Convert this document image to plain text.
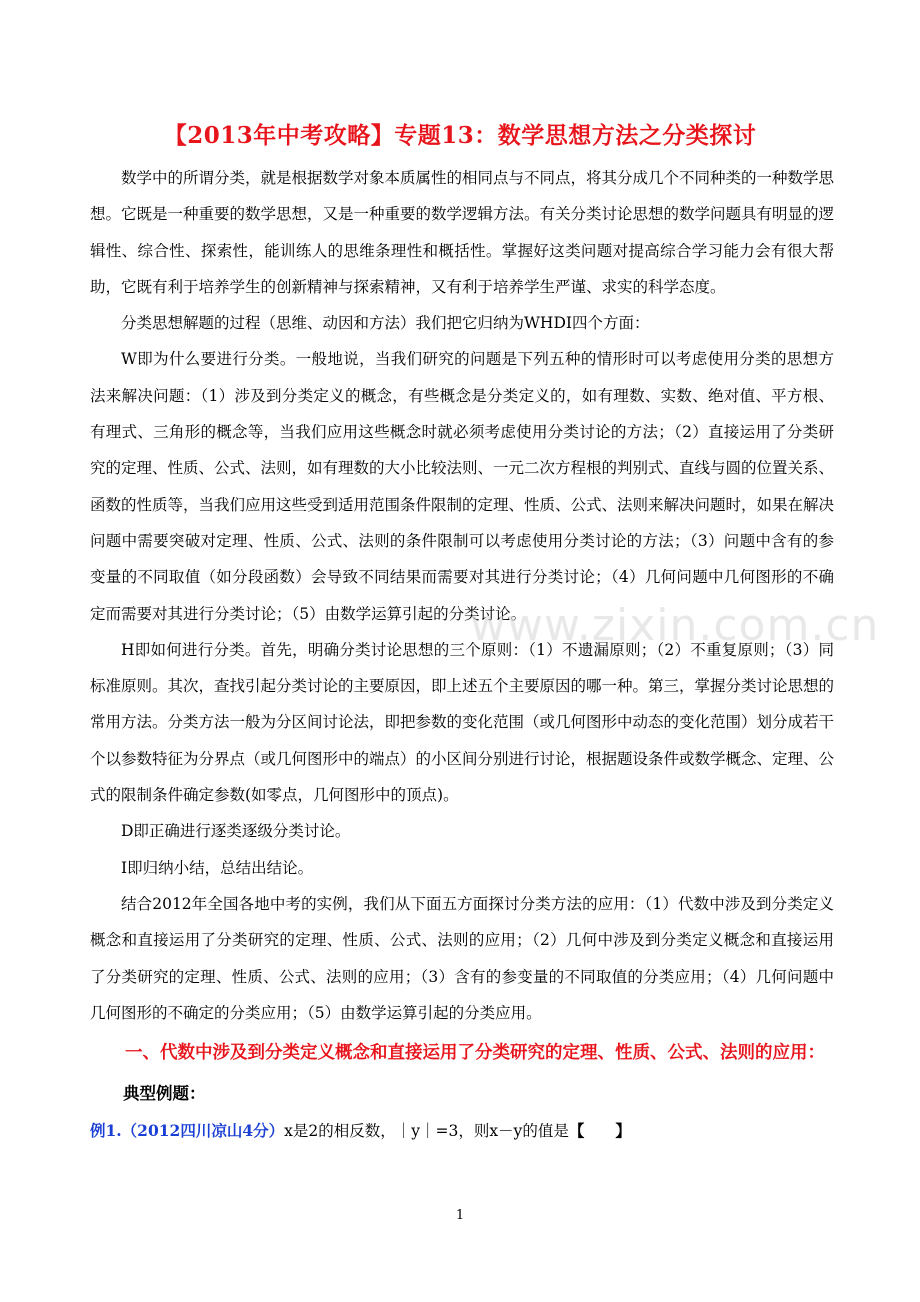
【2013年中考攻略】专题13：数学思想方法之分类探讨

数学中的所谓分类，就是根据数学对象本质属性的相同点与不同点，将其分成几个不同种类的一种数学思想。它既是一种重要的数学思想，又是一种重要的数学逻辑方法。有关分类讨论思想的数学问题具有明显的逻辑性、综合性、探索性，能训练人的思维条理性和概括性。掌握好这类问题对提高综合学习能力会有很大帮助，它既有利于培养学生的创新精神与探索精神，又有利于培养学生严谨、求实的科学态度。

分类思想解题的过程（思维、动因和方法）我们把它归纳为WHDI四个方面：

W即为什么要进行分类。一般地说，当我们研究的问题是下列五种的情形时可以考虑使用分类的思想方法来解决问题：（1）涉及到分类定义的概念，有些概念是分类定义的，如有理数、实数、绝对值、平方根、有理式、三角形的概念等，当我们应用这些概念时就必须考虑使用分类讨论的方法；（2）直接运用了分类研究的定理、性质、公式、法则，如有理数的大小比较法则、一元二次方程根的判别式、直线与圆的位置关系、函数的性质等，当我们应用这些受到适用范围条件限制的定理、性质、公式、法则来解决问题时，如果在解决问题中需要突破对定理、性质、公式、法则的条件限制可以考虑使用分类讨论的方法；（3）问题中含有的参变量的不同取值（如分段函数）会导致不同结果而需要对其进行分类讨论；（4）几何问题中几何图形的不确定而需要对其进行分类讨论；（5）由数学运算引起的分类讨论。

H即如何进行分类。首先，明确分类讨论思想的三个原则：（1）不遗漏原则；（2）不重复原则；（3）同标准原则。其次，查找引起分类讨论的主要原因，即上述五个主要原因的哪一种。第三，掌握分类讨论思想的常用方法。分类方法一般为分区间讨论法，即把参数的变化范围（或几何图形中动态的变化范围）划分成若干个以参数特征为分界点（或几何图形中的端点）的小区间分别进行讨论，根据题设条件或数学概念、定理、公式的限制条件确定参数(如零点，几何图形中的顶点)。

D即正确进行逐类逐级分类讨论。

I即归纳小结，总结出结论。

结合2012年全国各地中考的实例，我们从下面五方面探讨分类方法的应用：（1）代数中涉及到分类定义概念和直接运用了分类研究的定理、性质、公式、法则的应用；（2）几何中涉及到分类定义概念和直接运用了分类研究的定理、性质、公式、法则的应用；（3）含有的参变量的不同取值的分类应用；（4）几何问题中几何图形的不确定的分类应用；（5）由数学运算引起的分类应用。

一、代数中涉及到分类定义概念和直接运用了分类研究的定理、性质、公式、法则的应用：
典型例题：
例1.（2012四川凉山4分）x是2的相反数，｜y｜=3，则x－y的值是【　　】
www.zixin.com.cn
1
